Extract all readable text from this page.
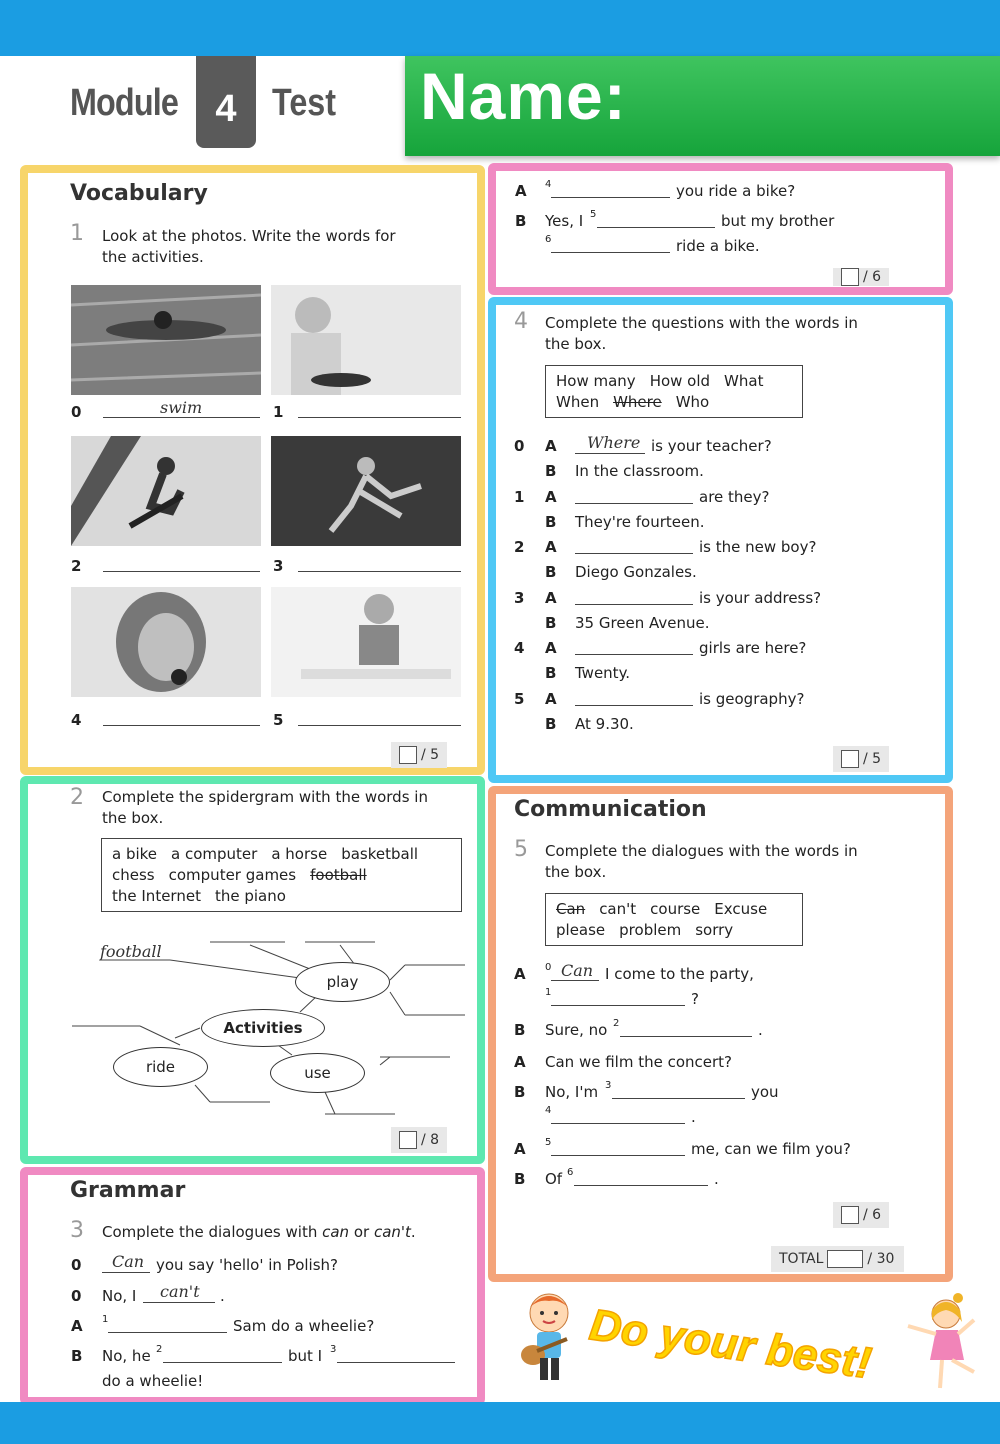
Module 4 Test Name:
Vocabulary
1 Look at the photos. Write the words for the activities.
swim
0	1
2	3
4	5
/ 5
2 Complete the spidergram with the words in the box.
a bike a computer a horse basketball
chess computer games football
the Internet the piano
football
play
Activities
ride	use
/ 8
Grammar
3 Complete the dialogues with can or can't.
0 Can you say 'hello' in Polish?
0 No, I can't .
A 1	Sam do a wheelie?
B No, he 2	but I 3
do a wheelie!
A 4	you ride a bike?
B Yes, I 5	but my brother
6	ride a bike.
/ 6
4 Complete the questions with the words in the box.
How many How old What
When Where Who
0 A Where is your teacher?
B In the classroom.
1 A	are they?
B They're fourteen.
2 A	is the new boy?
B Diego Gonzales.
3 A	is your address?
B 35 Green Avenue.
4 A	girls are here?
B Twenty.
5 A	is geography?
B At 9.30.
/ 5
Communication
5 Complete the dialogues with the words in the box.
Can can't course Excuse
please problem sorry
A 0 Can I come to the party,
1	?
B Sure, no 2	.
A Can we film the concert?
B No, I'm 3	you
4	.
A 5	me, can we film you?
B Of 6	.
/ 6
TOTAL	/ 30
Do your best!
